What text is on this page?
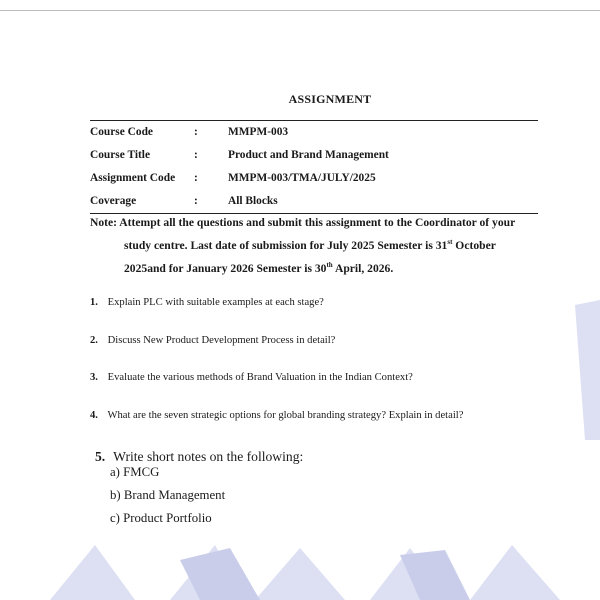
ASSIGNMENT
Course Code	:	MMPM-003
Course Title	:	Product and Brand Management
Assignment Code :	MMPM-003/TMA/JULY/2025
Coverage	:	All Blocks
Note: Attempt all the questions and submit this assignment to the Coordinator of your
study centre. Last date of submission for July 2025 Semester is 31st October
2025and for January 2026 Semester is 30th April, 2026.
1. Explain PLC with suitable examples at each stage?
2. Discuss New Product Development Process in detail?
3. Evaluate the various methods of Brand Valuation in the Indian Context?
4. What are the seven strategic options for global branding strategy? Explain in detail?
5. Write short notes on the following:
a) FMCG
b) Brand Management
c) Product Portfolio
